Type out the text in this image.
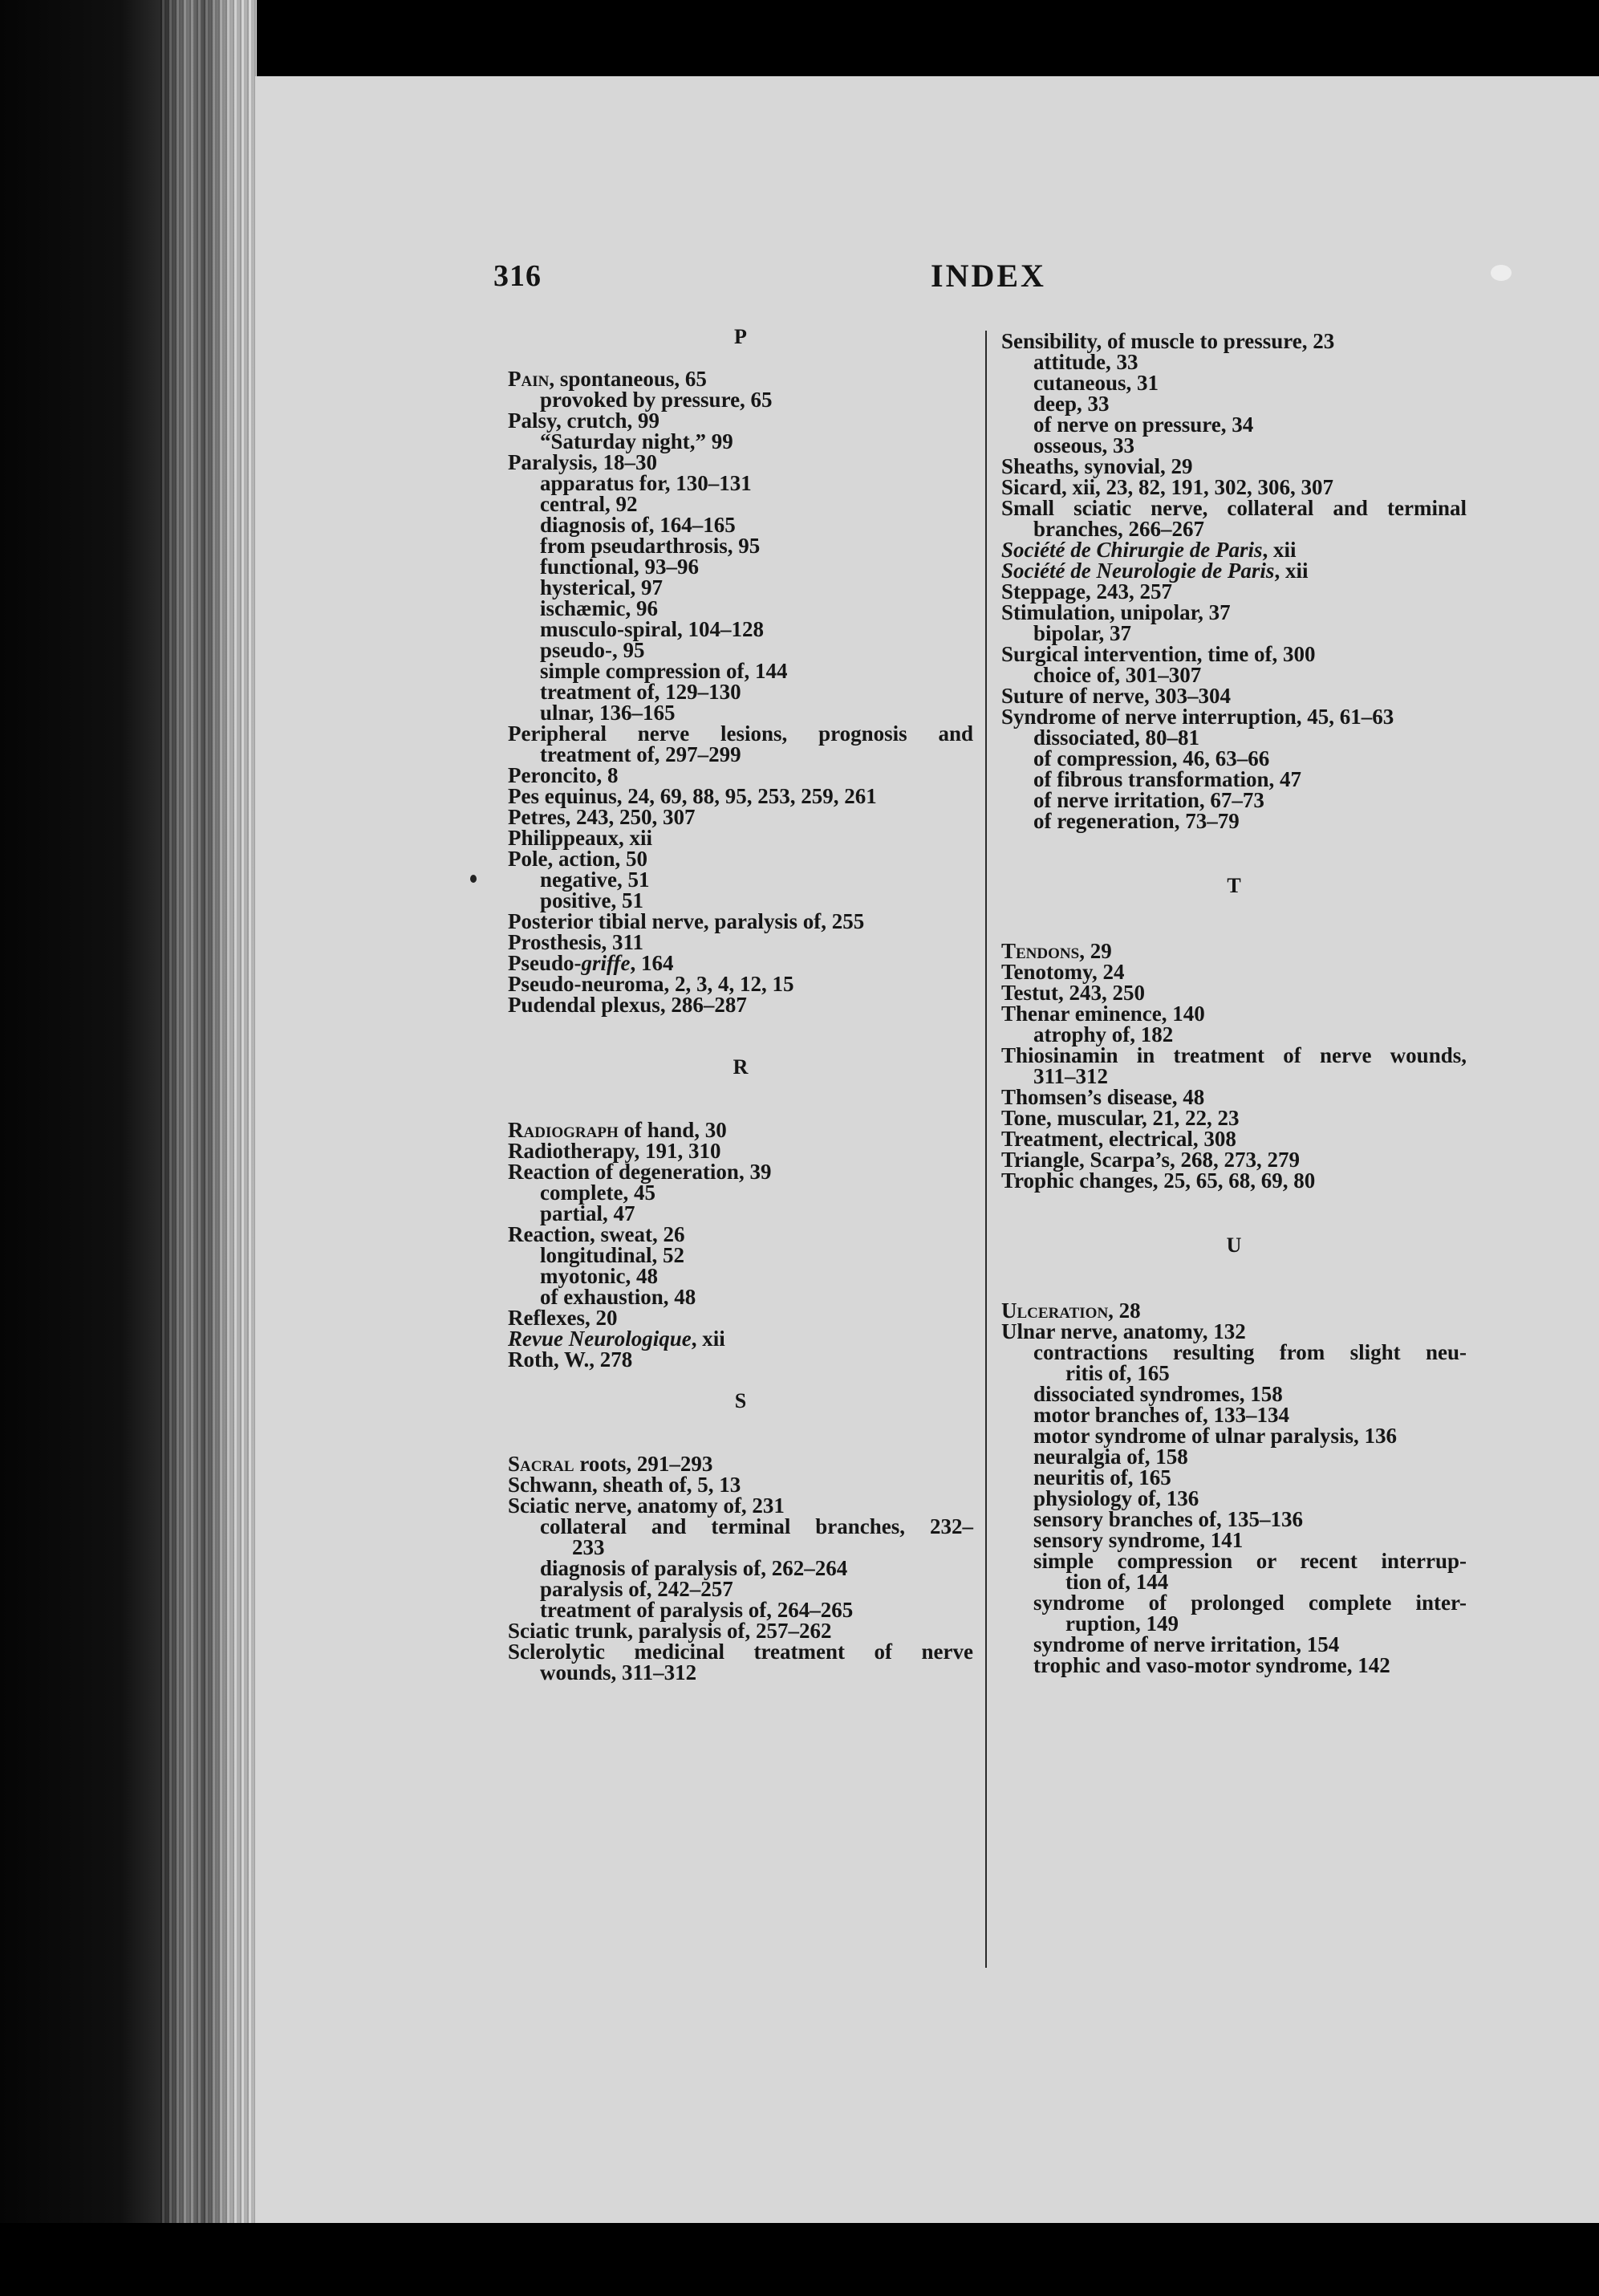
316	INDEX
P
Pain, spontaneous, 65
provoked by pressure, 65
Palsy, crutch, 99
“Saturday night,” 99
Paralysis, 18–30
apparatus for, 130–131
central, 92
diagnosis of, 164–165
from pseudarthrosis, 95
functional, 93–96
hysterical, 97
ischæmic, 96
musculo-spiral, 104–128
pseudo-, 95
simple compression of, 144
treatment of, 129–130
ulnar, 136–165
Peripheral nerve lesions, prognosis and
treatment of, 297–299
Peroncito, 8
Pes equinus, 24, 69, 88, 95, 253, 259, 261
Petres, 243, 250, 307
Philippeaux, xii
Pole, action, 50
negative, 51
positive, 51
Posterior tibial nerve, paralysis of, 255
Prosthesis, 311
Pseudo-griffe, 164
Pseudo-neuroma, 2, 3, 4, 12, 15
Pudendal plexus, 286–287
R
Radiograph of hand, 30
Radiotherapy, 191, 310
Reaction of degeneration, 39
complete, 45
partial, 47
Reaction, sweat, 26
longitudinal, 52
myotonic, 48
of exhaustion, 48
Reflexes, 20
Revue Neurologique, xii
Roth, W., 278
S
Sacral roots, 291–293
Schwann, sheath of, 5, 13
Sciatic nerve, anatomy of, 231
collateral and terminal branches, 232–
233
diagnosis of paralysis of, 262–264
paralysis of, 242–257
treatment of paralysis of, 264–265
Sciatic trunk, paralysis of, 257–262
Sclerolytic medicinal treatment of nerve
wounds, 311–312
Sensibility, of muscle to pressure, 23
attitude, 33
cutaneous, 31
deep, 33
of nerve on pressure, 34
osseous, 33
Sheaths, synovial, 29
Sicard, xii, 23, 82, 191, 302, 306, 307
Small sciatic nerve, collateral and terminal
branches, 266–267
Société de Chirurgie de Paris, xii
Société de Neurologie de Paris, xii
Steppage, 243, 257
Stimulation, unipolar, 37
bipolar, 37
Surgical intervention, time of, 300
choice of, 301–307
Suture of nerve, 303–304
Syndrome of nerve interruption, 45, 61–63
dissociated, 80–81
of compression, 46, 63–66
of fibrous transformation, 47
of nerve irritation, 67–73
of regeneration, 73–79
T
Tendons, 29
Tenotomy, 24
Testut, 243, 250
Thenar eminence, 140
atrophy of, 182
Thiosinamin in treatment of nerve wounds,
311–312
Thomsen’s disease, 48
Tone, muscular, 21, 22, 23
Treatment, electrical, 308
Triangle, Scarpa’s, 268, 273, 279
Trophic changes, 25, 65, 68, 69, 80
U
Ulceration, 28
Ulnar nerve, anatomy, 132
contractions resulting from slight neu-
ritis of, 165
dissociated syndromes, 158
motor branches of, 133–134
motor syndrome of ulnar paralysis, 136
neuralgia of, 158
neuritis of, 165
physiology of, 136
sensory branches of, 135–136
sensory syndrome, 141
simple compression or recent interrup-
tion of, 144
syndrome of prolonged complete inter-
ruption, 149
syndrome of nerve irritation, 154
trophic and vaso-motor syndrome, 142
